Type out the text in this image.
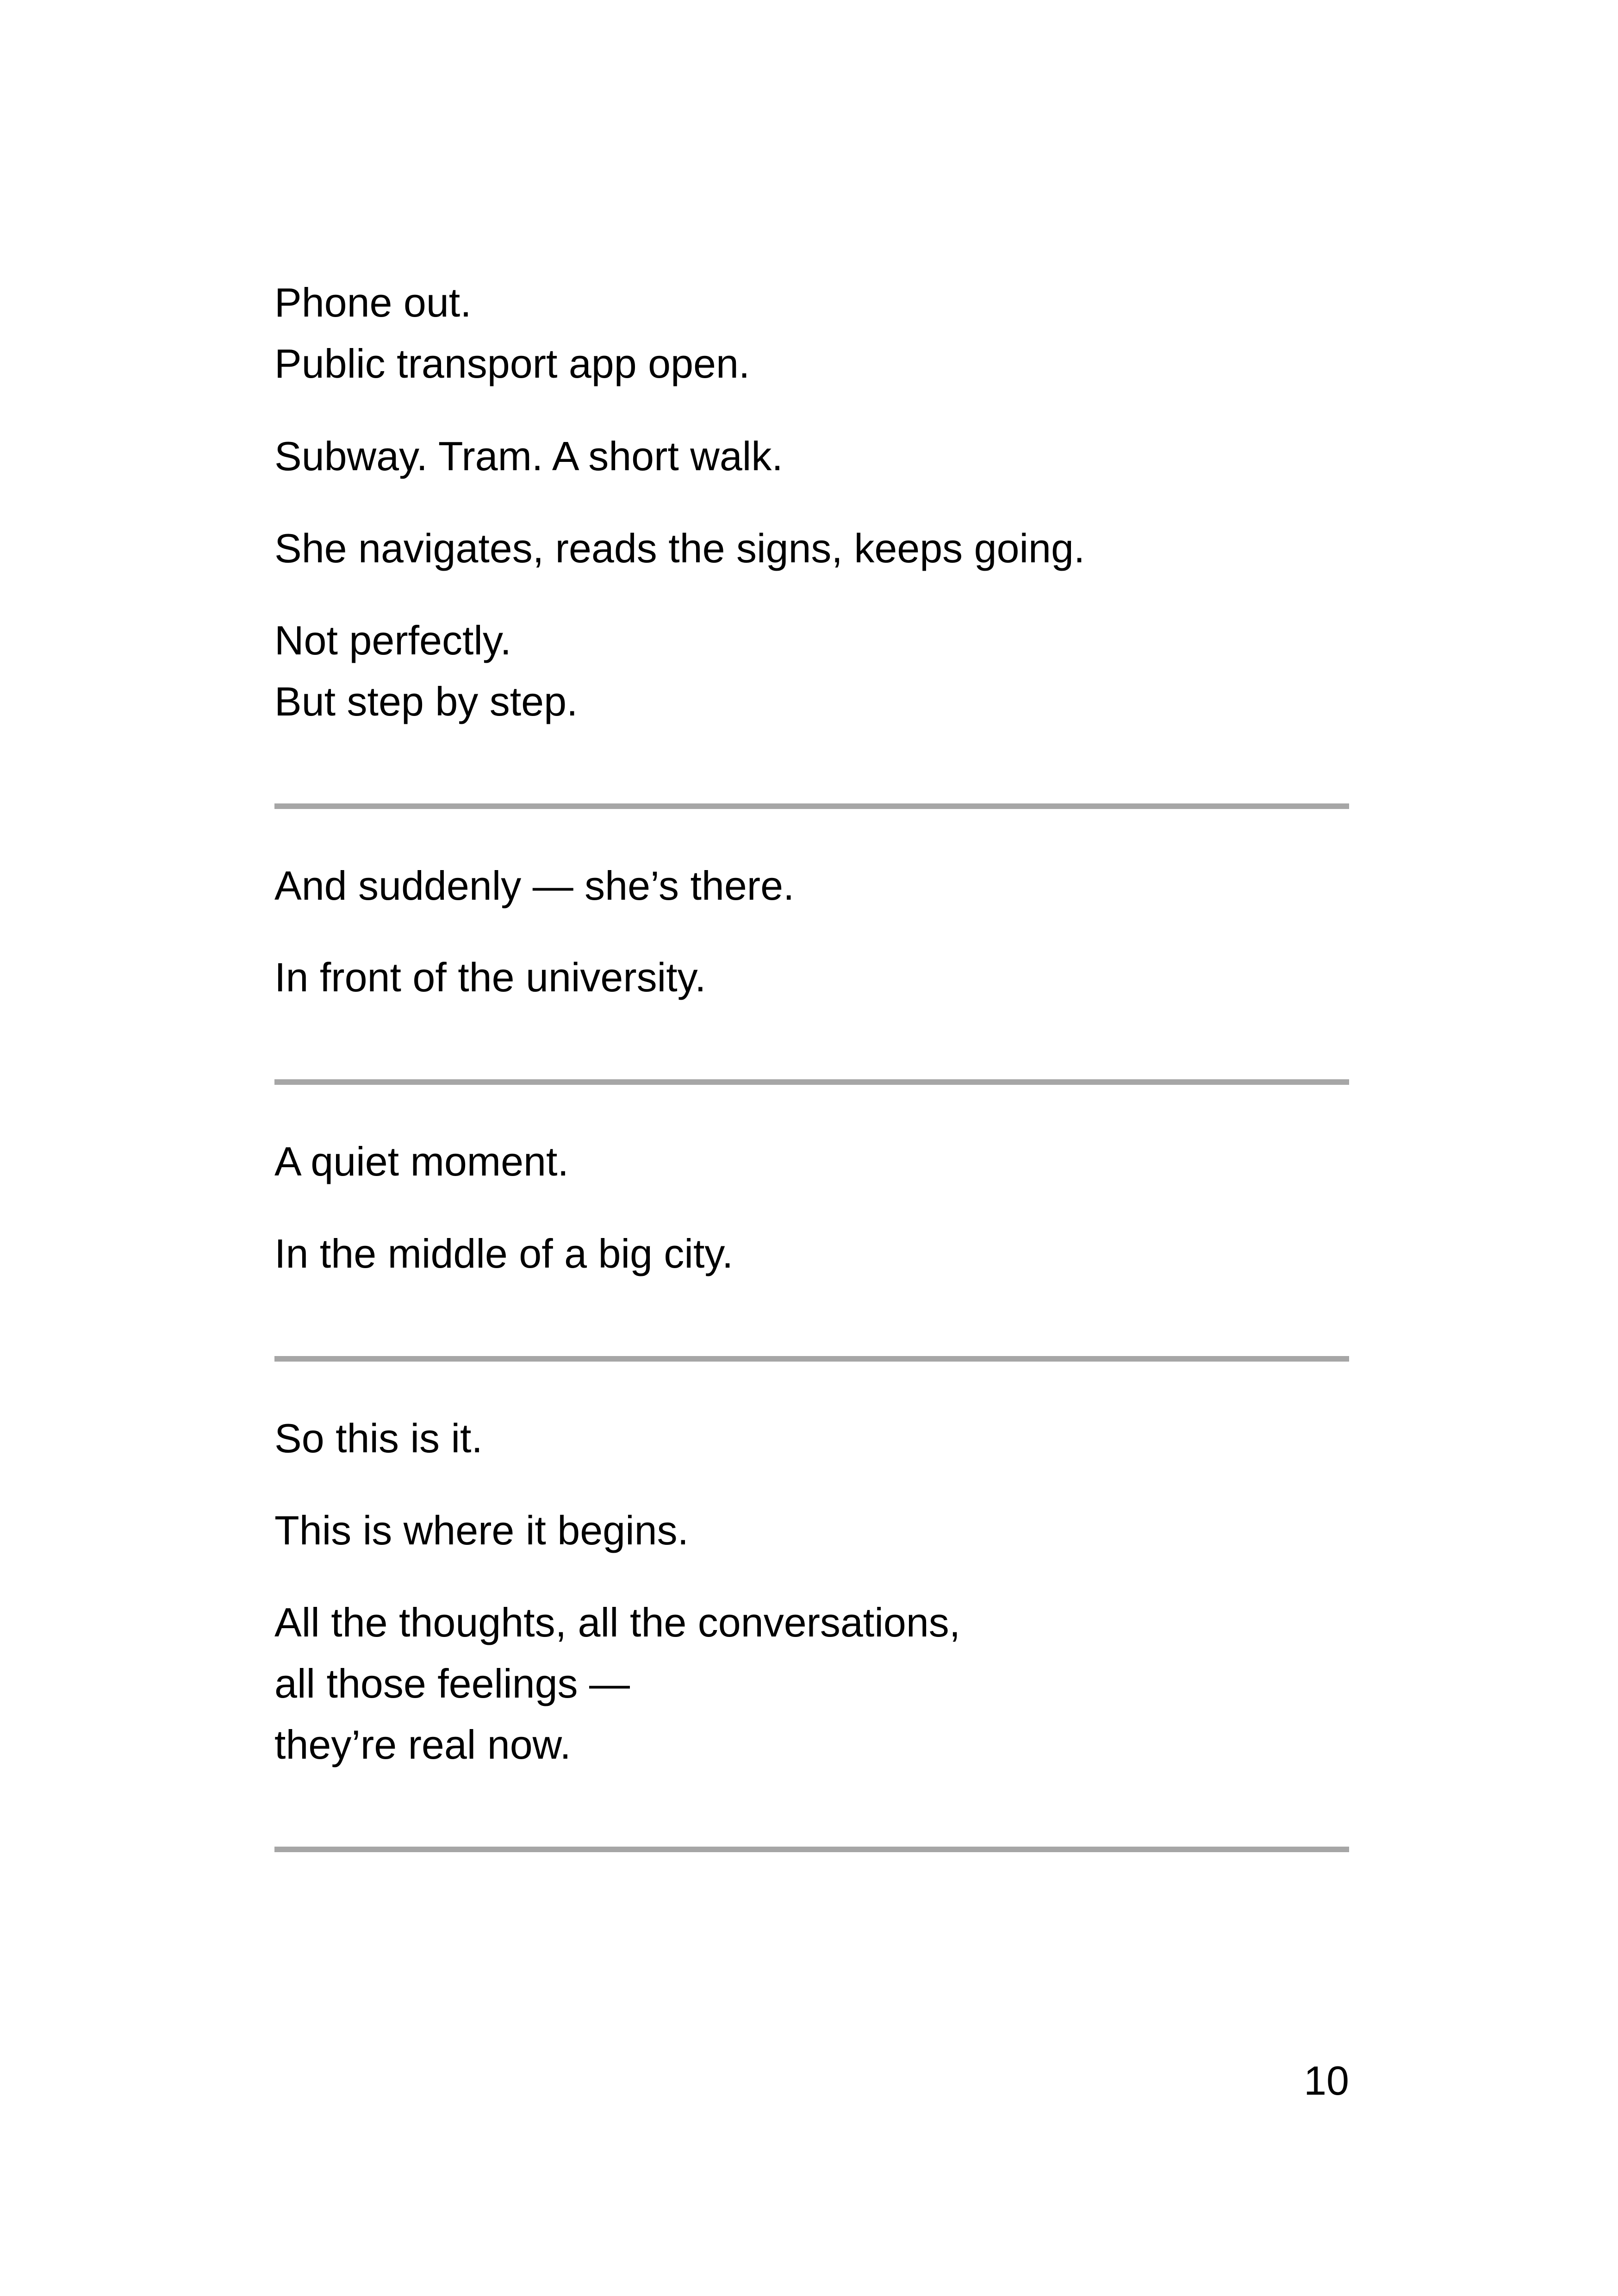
Phone out.
Public transport app open.
Subway. Tram. A short walk.
She navigates, reads the signs, keeps going.
Not perfectly.
But step by step.
And suddenly — she’s there.
In front of the university.
A quiet moment.
In the middle of a big city.
So this is it.
This is where it begins.
All the thoughts, all the conversations,
all those feelings —
they’re real now.
10
